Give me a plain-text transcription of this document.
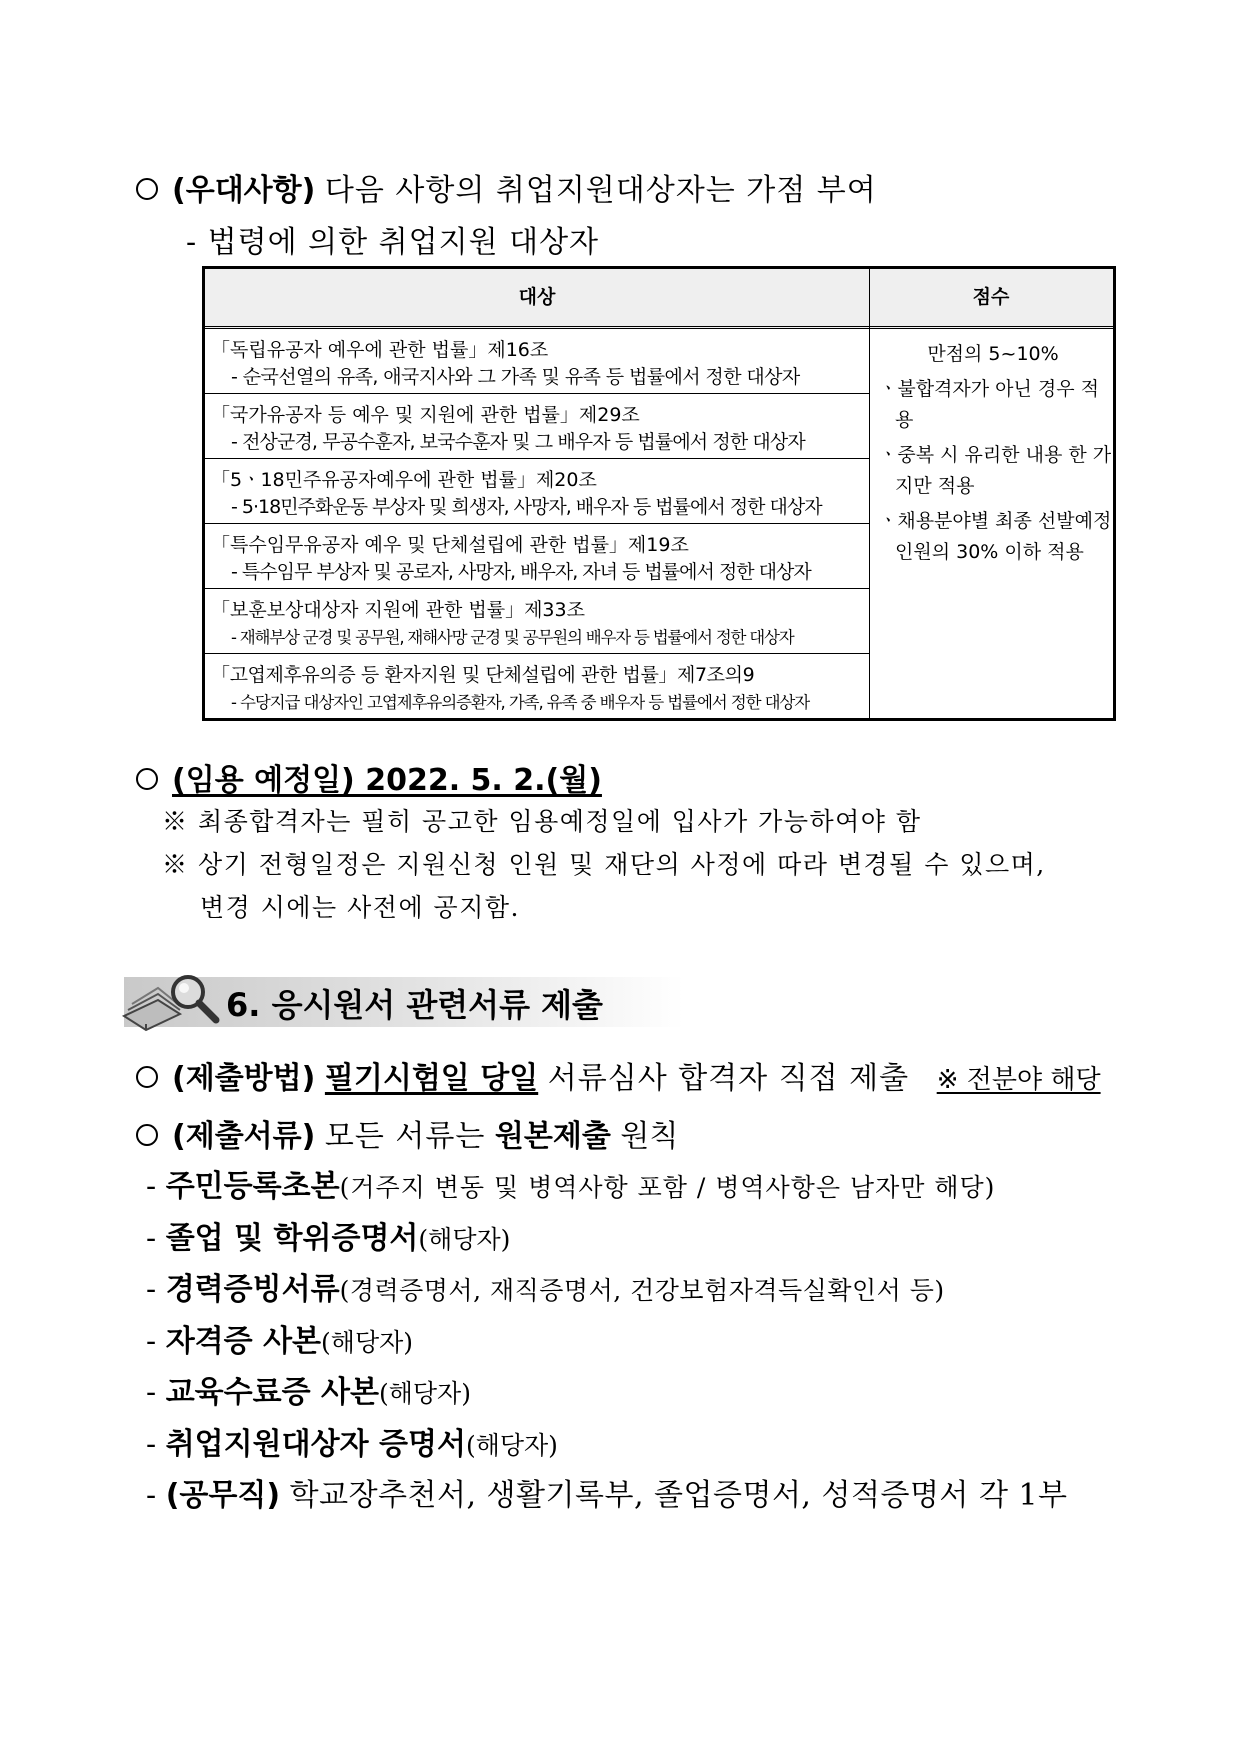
(우대사항) 다음 사항의 취업지원대상자는 가점 부여
- 법령에 의한 취업지원 대상자
대상	점수
「독립유공자 예우에 관한 법률」제16조
- 순국선열의 유족, 애국지사와 그 가족 및 유족 등 법률에서 정한 대상자
「국가유공자 등 예우 및 지원에 관한 법률」제29조
- 전상군경, 무공수훈자, 보국수훈자 및 그 배우자 등 법률에서 정한 대상자
「5ㆍ18민주유공자예우에 관한 법률」제20조
- 5·18민주화운동 부상자 및 희생자, 사망자, 배우자 등 법률에서 정한 대상자
「특수임무유공자 예우 및 단체설립에 관한 법률」제19조
- 특수임무 부상자 및 공로자, 사망자, 배우자, 자녀 등 법률에서 정한 대상자
「보훈보상대상자 지원에 관한 법률」제33조
- 재해부상 군경 및 공무원, 재해사망 군경 및 공무원의 배우자 등 법률에서 정한 대상자
「고엽제후유의증 등 환자지원 및 단체설립에 관한 법률」제7조의9
- 수당지급 대상자인 고엽제후유의증환자, 가족, 유족 중 배우자 등 법률에서 정한 대상자
만점의 5~10%
ㆍ불합격자가 아닌 경우 적용
ㆍ중복 시 유리한 내용 한 가지만 적용
ㆍ채용분야별 최종 선발예정인원의 30% 이하 적용
(임용 예정일) 2022. 5. 2.(월)
※ 최종합격자는 필히 공고한 임용예정일에 입사가 가능하여야 함
※ 상기 전형일정은 지원신청 인원 및 재단의 사정에 따라 변경될 수 있으며,
변경 시에는 사전에 공지함.
6. 응시원서 관련서류 제출
(제출방법) 필기시험일 당일 서류심사 합격자 직접 제출 ※ 전분야 해당
(제출서류) 모든 서류는 원본제출 원칙
- 주민등록초본(거주지 변동 및 병역사항 포함 / 병역사항은 남자만 해당)
- 졸업 및 학위증명서(해당자)
- 경력증빙서류(경력증명서, 재직증명서, 건강보험자격득실확인서 등)
- 자격증 사본(해당자)
- 교육수료증 사본(해당자)
- 취업지원대상자 증명서(해당자)
- (공무직) 학교장추천서, 생활기록부, 졸업증명서, 성적증명서 각 1부
